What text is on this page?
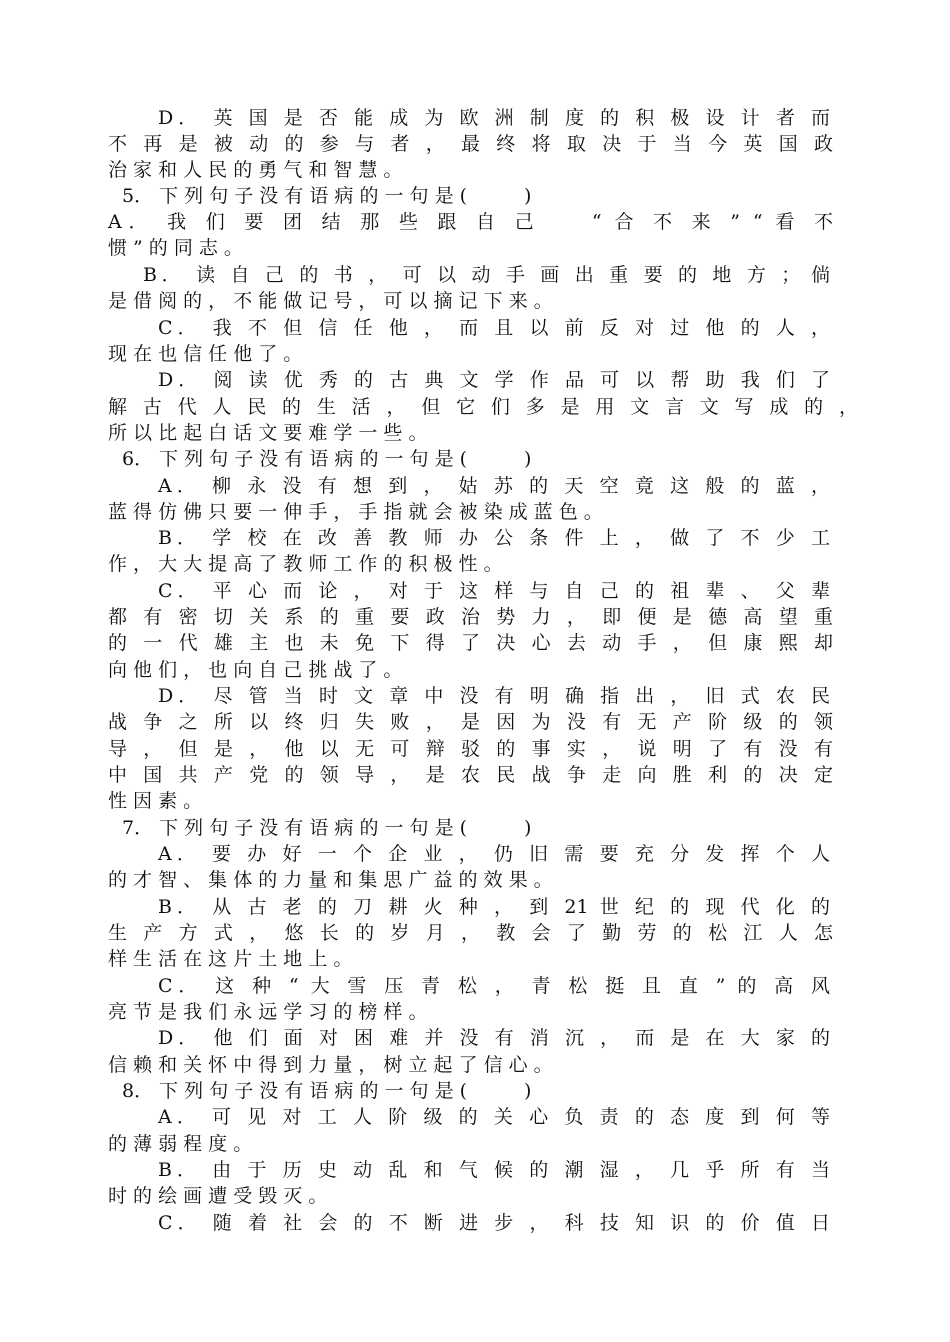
D． 英 国 是 否 能 成 为 欧 洲 制 度 的 积 极 设 计 者 而
不 再 是 被 动 的 参 与 者 ， 最 终 将 取 决 于 当 今 英 国 政
治 家 和 人 民 的 勇 气 和 智 慧 。
5． 下 列 句 子 没 有 语 病 的 一 句 是 (　　　)
A． 我 们 要 团 结 那 些 跟 自 己 　 “ 合 不 来 ” “ 看 不
惯 ” 的 同 志 。
B． 读 自 己 的 书 ， 可 以 动 手 画 出 重 要 的 地 方 ； 倘
是 借 阅 的 ， 不 能 做 记 号 ， 可 以 摘 记 下 来 。
C． 我 不 但 信 任 他 ， 而 且 以 前 反 对 过 他 的 人 ，
现 在 也 信 任 他 了 。
D． 阅 读 优 秀 的 古 典 文 学 作 品 可 以 帮 助 我 们 了
解 古 代 人 民 的 生 活 ， 但 它 们 多 是 用 文 言 文 写 成 的 ，
所 以 比 起 白 话 文 要 难 学 一 些 。
6． 下 列 句 子 没 有 语 病 的 一 句 是 (　　　)
A． 柳 永 没 有 想 到 ， 姑 苏 的 天 空 竟 这 般 的 蓝 ，
蓝 得 仿 佛 只 要 一 伸 手 ， 手 指 就 会 被 染 成 蓝 色 。
B． 学 校 在 改 善 教 师 办 公 条 件 上 ， 做 了 不 少 工
作 ， 大 大 提 高 了 教 师 工 作 的 积 极 性 。
C． 平 心 而 论 ， 对 于 这 样 与 自 己 的 祖 辈 、 父 辈
都 有 密 切 关 系 的 重 要 政 治 势 力 ， 即 便 是 德 高 望 重
的 一 代 雄 主 也 未 免 下 得 了 决 心 去 动 手 ， 但 康 熙 却
向 他 们 ， 也 向 自 己 挑 战 了 。
D． 尽 管 当 时 文 章 中 没 有 明 确 指 出 ， 旧 式 农 民
战 争 之 所 以 终 归 失 败 ， 是 因 为 没 有 无 产 阶 级 的 领
导 ， 但 是 ， 他 以 无 可 辩 驳 的 事 实 ， 说 明 了 有 没 有
中 国 共 产 党 的 领 导 ， 是 农 民 战 争 走 向 胜 利 的 决 定
性 因 素 。
7． 下 列 句 子 没 有 语 病 的 一 句 是 (　　　)
A． 要 办 好 一 个 企 业 ， 仍 旧 需 要 充 分 发 挥 个 人
的 才 智 、 集 体 的 力 量 和 集 思 广 益 的 效 果 。
B． 从 古 老 的 刀 耕 火 种 ， 到 21 世 纪 的 现 代 化 的
生 产 方 式 ， 悠 长 的 岁 月 ， 教 会 了 勤 劳 的 松 江 人 怎
样 生 活 在 这 片 土 地 上 。
C． 这 种 “ 大 雪 压 青 松 ， 青 松 挺 且 直 ” 的 高 风
亮 节 是 我 们 永 远 学 习 的 榜 样 。
D． 他 们 面 对 困 难 并 没 有 消 沉 ， 而 是 在 大 家 的
信 赖 和 关 怀 中 得 到 力 量 ， 树 立 起 了 信 心 。
8． 下 列 句 子 没 有 语 病 的 一 句 是 (　　　)
A． 可 见 对 工 人 阶 级 的 关 心 负 责 的 态 度 到 何 等
的 薄 弱 程 度 。
B． 由 于 历 史 动 乱 和 气 候 的 潮 湿 ， 几 乎 所 有 当
时 的 绘 画 遭 受 毁 灭 。
C． 随 着 社 会 的 不 断 进 步 ， 科 技 知 识 的 价 值 日
